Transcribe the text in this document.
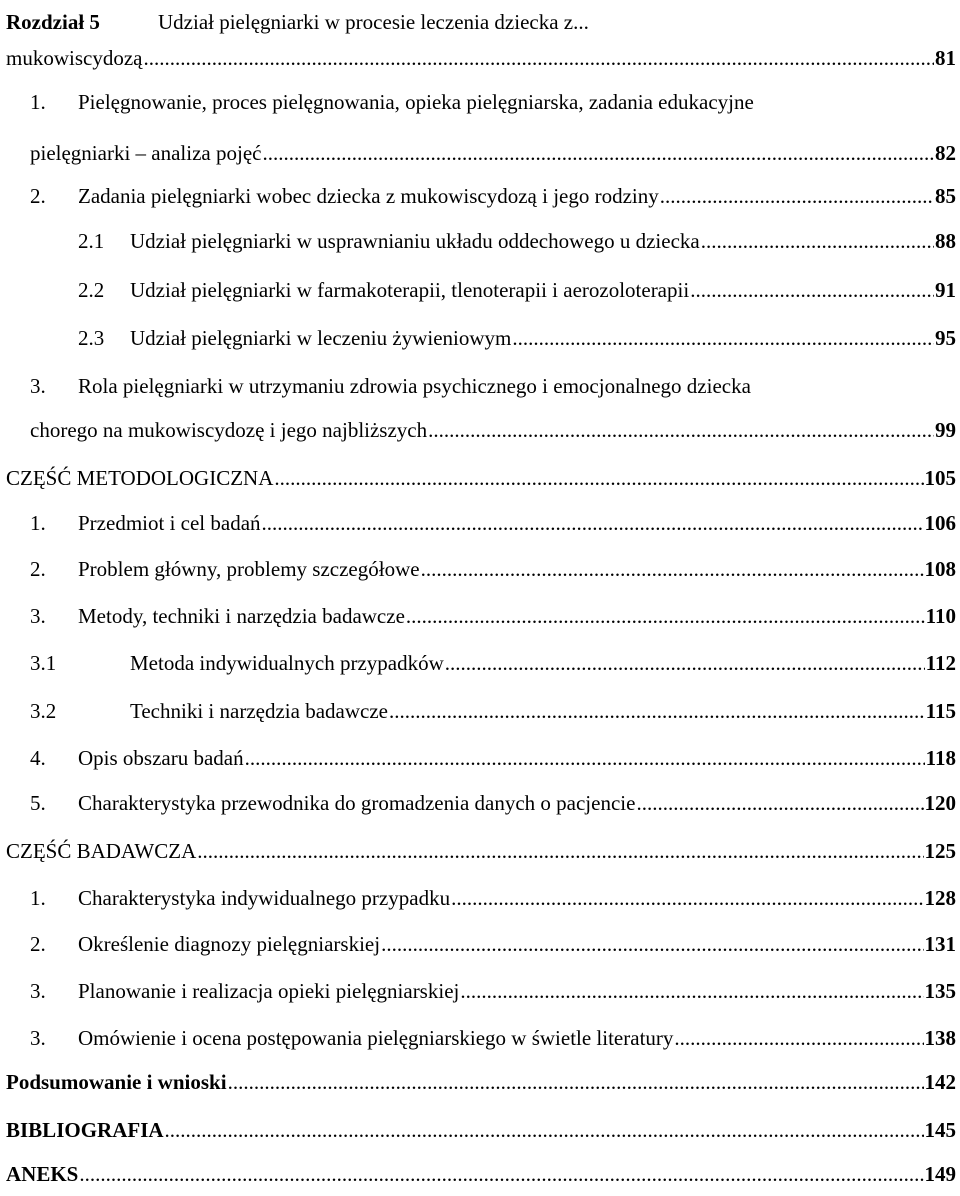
Rozdział 5	Udział pielęgniarki w procesie leczenia dziecka z...
mukowiscydozą .....	81
1. Pielęgnowanie, proces pielęgnowania, opieka pielęgniarska, zadania edukacyjne
pielęgniarki – analiza pojęć .....	82
2. Zadania pielęgniarki wobec dziecka z mukowiscydozą i jego rodziny .....	85
2.1 Udział pielęgniarki w usprawnianiu układu oddechowego u dziecka .....	88
2.2 Udział pielęgniarki w farmakoterapii, tlenoterapii i aerozoloterapii .....	91
2.3 Udział pielęgniarki w leczeniu żywieniowym .....	95
3. Rola pielęgniarki w utrzymaniu zdrowia psychicznego i emocjonalnego dziecka
chorego na mukowiscydozę i jego najbliższych .....	99
CZĘŚĆ METODOLOGICZNA .....	105
1. Przedmiot i cel badań .....	106
2. Problem główny, problemy szczegółowe .....	108
3. Metody, techniki i narzędzia badawcze .....	110
3.1	Metoda indywidualnych przypadków .....	112
3.2	Techniki i narzędzia badawcze .....	115
4. Opis obszaru badań .....	118
5. Charakterystyka przewodnika do gromadzenia danych o pacjencie .....	120
CZĘŚĆ BADAWCZA .....	125
1. Charakterystyka indywidualnego przypadku .....	128
2. Określenie diagnozy pielęgniarskiej .....	131
3. Planowanie i realizacja opieki pielęgniarskiej .....	135
3. Omówienie i ocena postępowania pielęgniarskiego w świetle literatury .....	138
Podsumowanie i wnioski .....	142
BIBLIOGRAFIA .....	145
ANEKS .....	149
